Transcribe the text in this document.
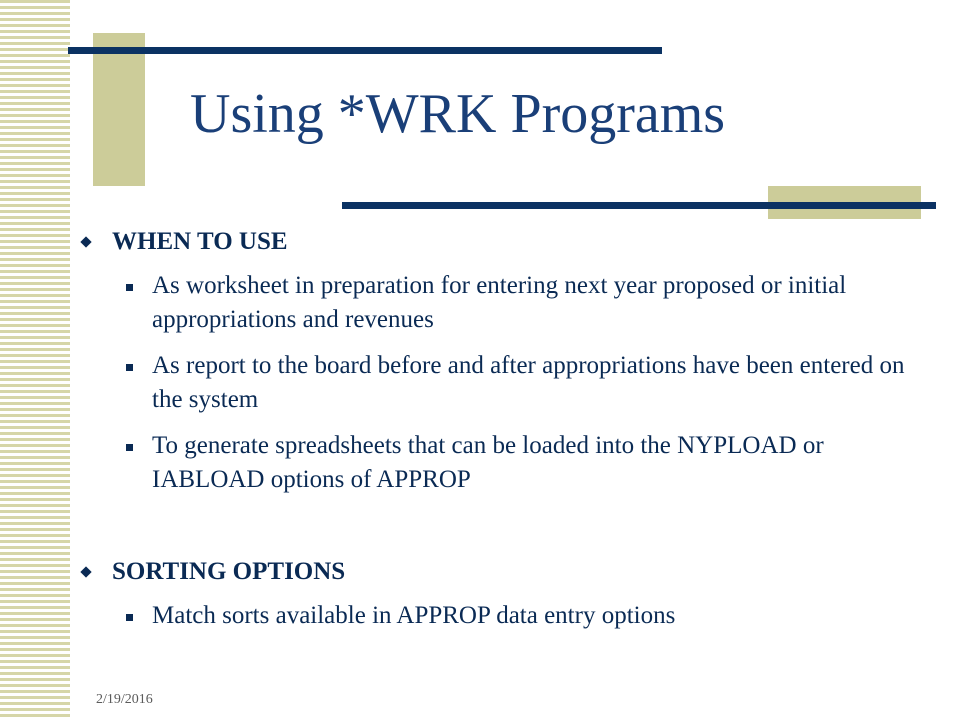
Using *WRK Programs
WHEN TO USE
As worksheet in preparation for entering next year proposed or initial appropriations and revenues
As report to the board before and after appropriations have been entered on the system
To generate spreadsheets that can be loaded into the NYPLOAD or IABLOAD options of APPROP
SORTING OPTIONS
Match sorts available in APPROP data entry options
2/19/2016
